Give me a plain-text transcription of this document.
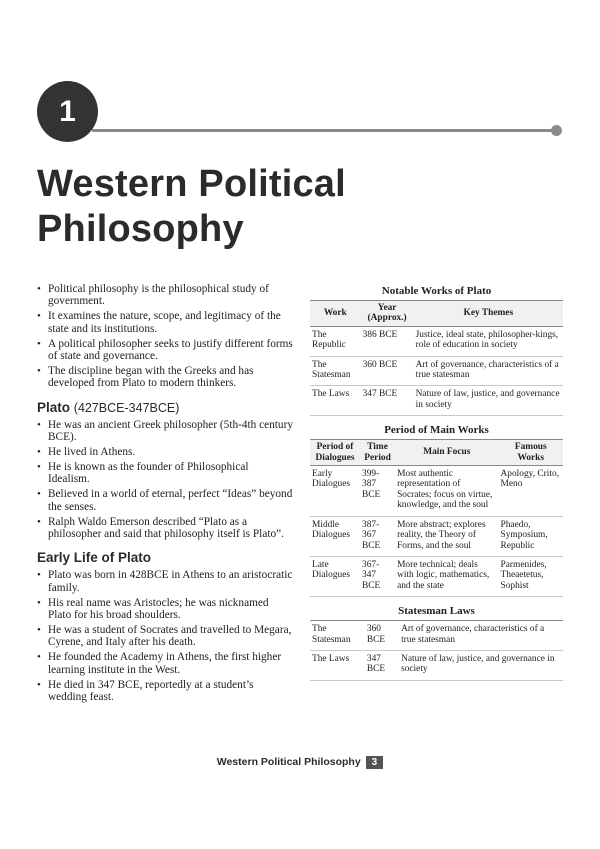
1
Western Political Philosophy
• Political philosophy is the philosophical study of government.
• It examines the nature, scope, and legitimacy of the state and its institutions.
• A political philosopher seeks to justify different forms of state and governance.
• The discipline began with the Greeks and has developed from Plato to modern thinkers.
Plato (427BCE-347BCE)
• He was an ancient Greek philosopher (5th-4th century BCE).
• He lived in Athens.
• He is known as the founder of Philosophical Idealism.
• Believed in a world of eternal, perfect “Ideas” beyond the senses.
• Ralph Waldo Emerson described “Plato as a philosopher and said that philosophy itself is Plato”.
Early Life of Plato
• Plato was born in 428BCE in Athens to an aristocratic family.
• His real name was Aristocles; he was nicknamed Plato for his broad shoulders.
• He was a student of Socrates and travelled to Megara, Cyrene, and Italy after his death.
• He founded the Academy in Athens, the first higher learning institute in the West.
• He died in 347 BCE, reportedly at a student’s wedding feast.
Notable Works of Plato
Work	Year (Approx.)	Key Themes
The Republic	386 BCE	Justice, ideal state, philosopher-kings, role of education in society
The Statesman	360 BCE	Art of governance, characteristics of a true statesman
The Laws	347 BCE	Nature of law, justice, and governance in society
Period of Main Works
Period of Dialogues	Time Period	Main Focus	Famous Works
Early Dialogues	399-387 BCE	Most authentic representation of Socrates; focus on virtue, knowledge, and the soul	Apology, Crito, Meno
Middle Dialogues	387-367 BCE	More abstract; explores reality, the Theory of Forms, and the soul	Phaedo, Symposium, Republic
Late Dialogues	367-347 BCE	More technical; deals with logic, mathematics, and the state	Parmenides, Theaetetus, Sophist
Statesman Laws
The Statesman	360 BCE	Art of governance, characteristics of a true statesman
The Laws	347 BCE	Nature of law, justice, and governance in society
Western Political Philosophy 3
